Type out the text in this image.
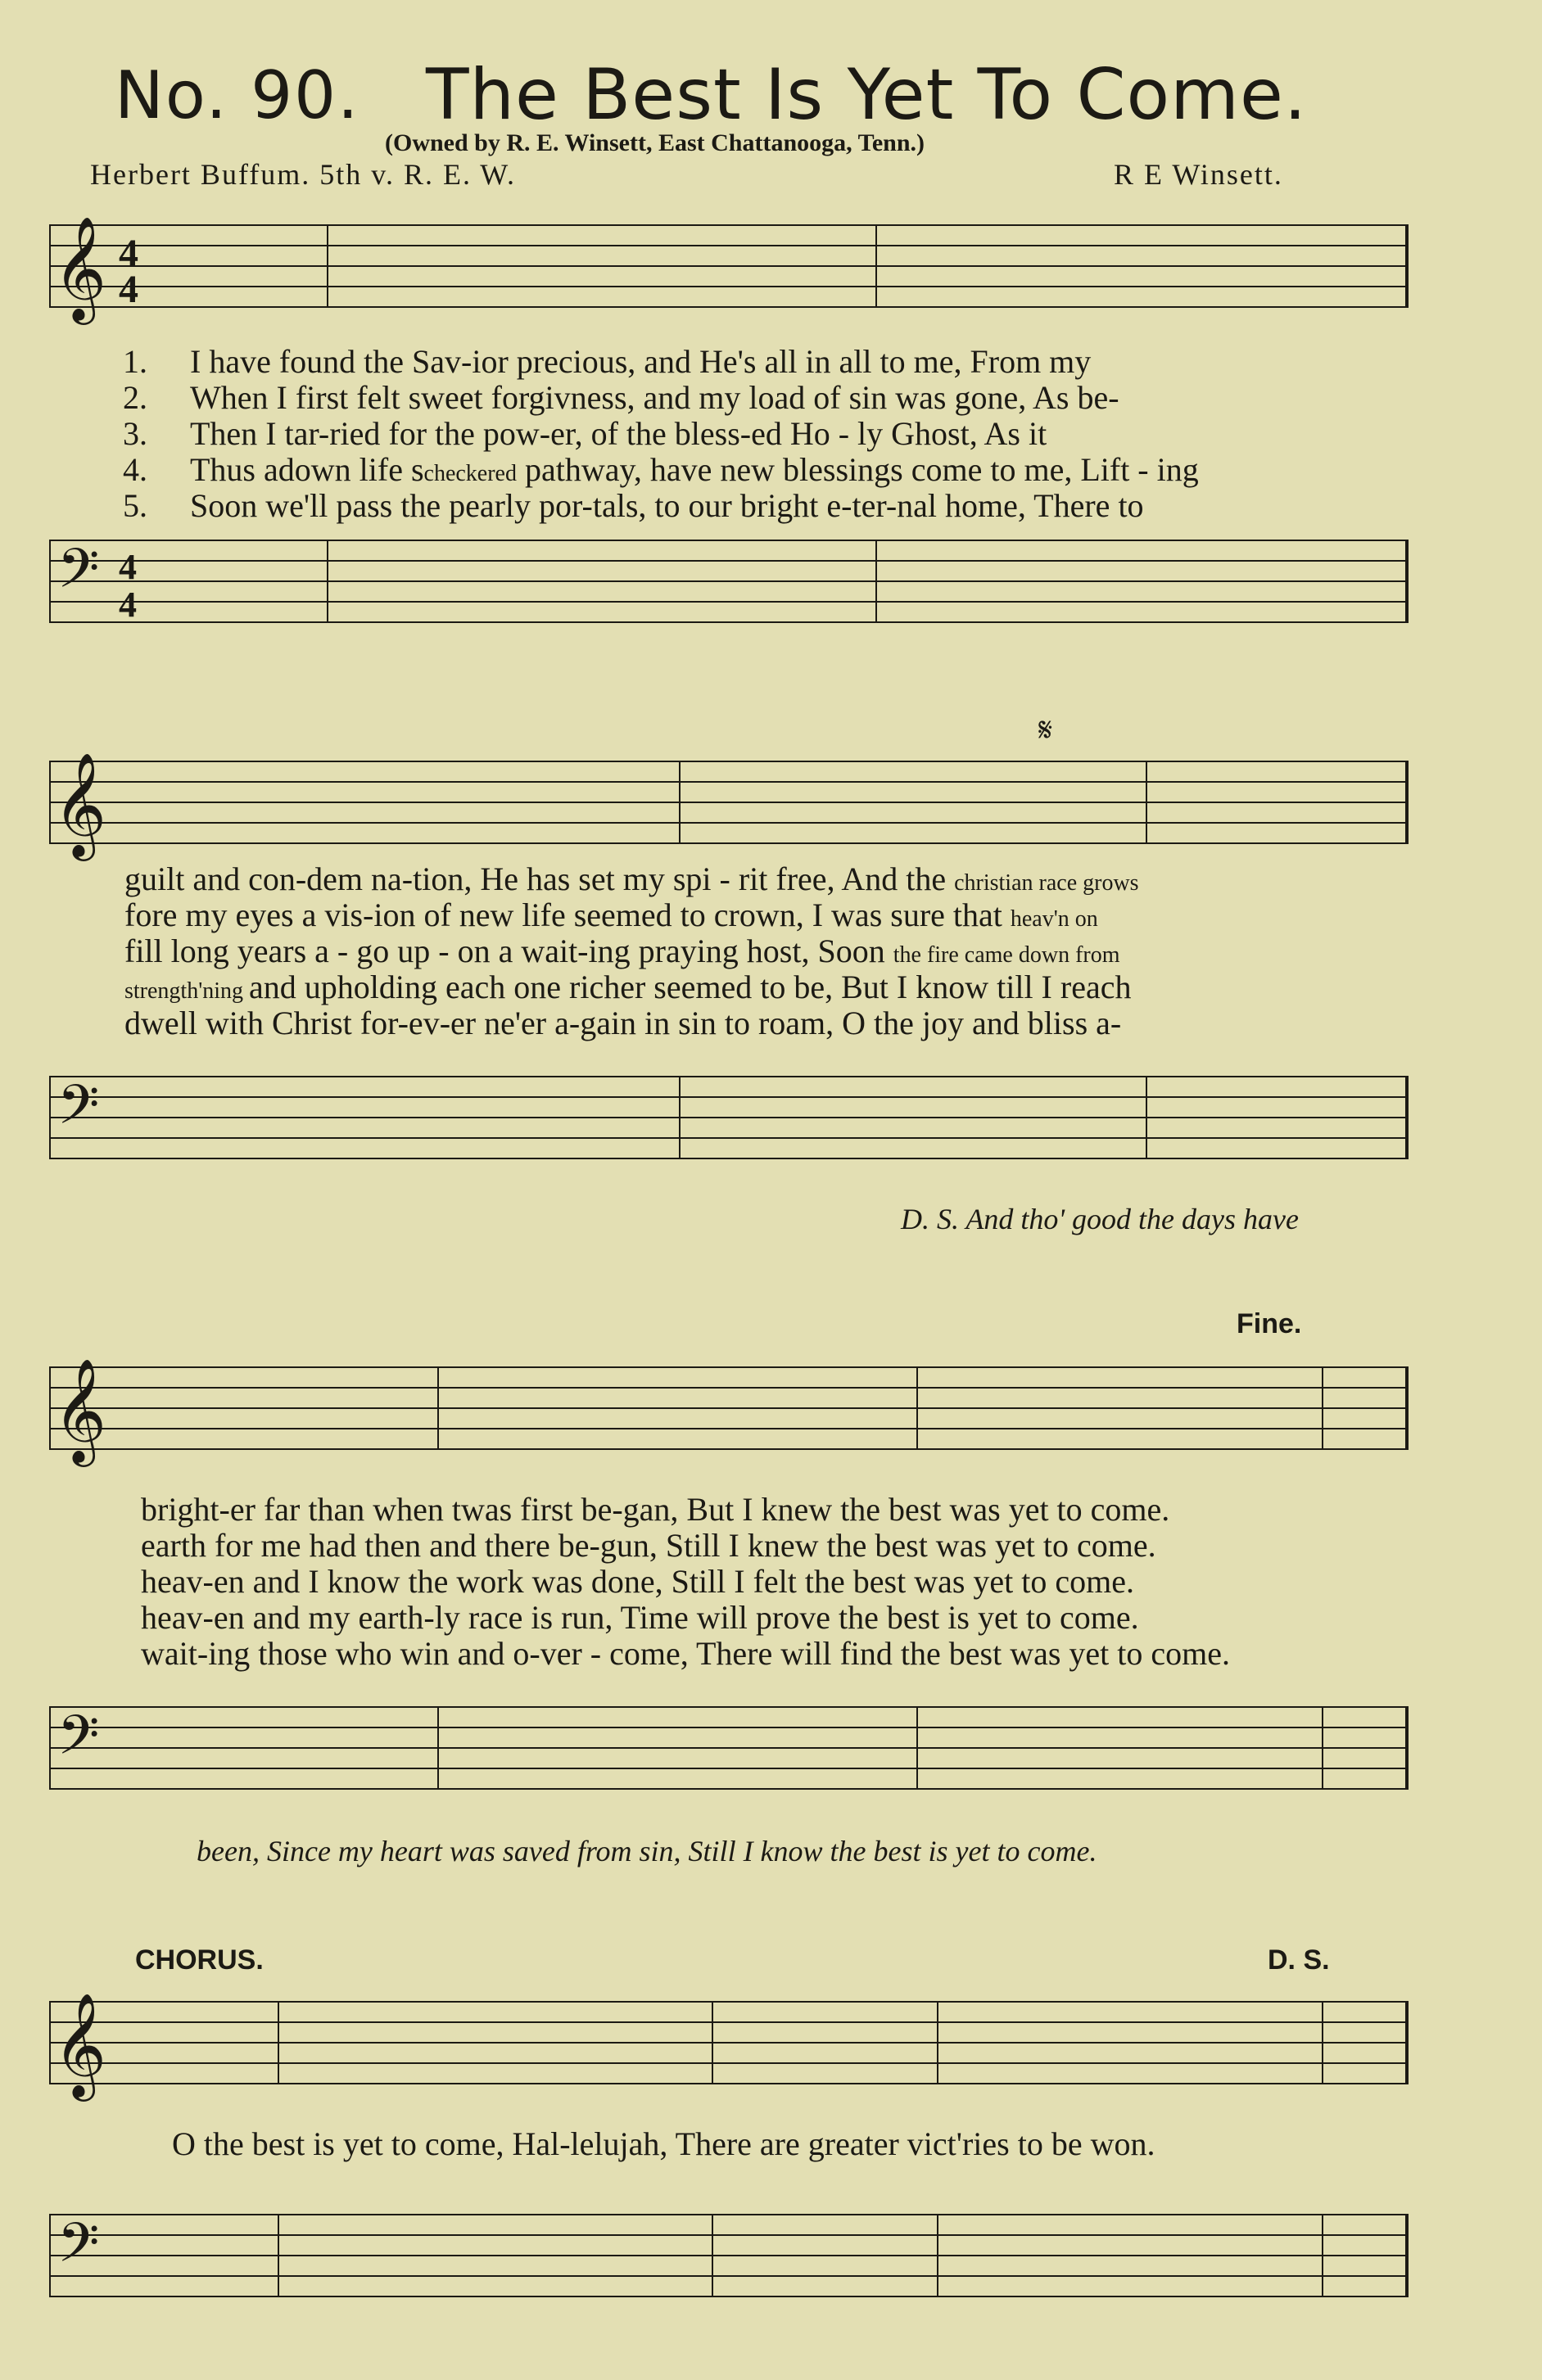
No. 90. The Best Is Yet To Come.
(Owned by R. E. Winsett, East Chattanooga, Tenn.)
Herbert Buffum. 5th v. R. E. W.	R E Winsett.
𝄞 4
4
1.
2.
3.
4.
5.
I have found the Sav-ior precious, and He's all in all to me, From my
When I first felt sweet forgivness, and my load of sin was gone, As be-
Then I tar-ried for the pow-er, of the bless-ed Ho - ly Ghost, As it
Thus adown life scheckered pathway, have new blessings come to me, Lift - ing
Soon we'll pass the pearly por-tals, to our bright e-ter-nal home, There to
𝄢 4
4
𝄞
𝄋
guilt and con-dem na-tion, He has set my spi - rit free, And the christian race grows
fore my eyes a vis-ion of new life seemed to crown, I was sure that heav'n on
fill long years a - go up - on a wait-ing praying host, Soon the fire came down from
strength'ning and upholding each one richer seemed to be, But I know till I reach
dwell with Christ for-ev-er ne'er a-gain in sin to roam, O the joy and bliss a-
𝄢
D. S. And tho' good the days have
Fine.
𝄞
bright-er far than when twas first be-gan, But I knew the best was yet to come.
earth for me had then and there be-gun, Still I knew the best was yet to come.
heav-en and I know the work was done, Still I felt the best was yet to come.
heav-en and my earth-ly race is run, Time will prove the best is yet to come.
wait-ing those who win and o-ver - come, There will find the best was yet to come.
𝄢
been, Since my heart was saved from sin, Still I know the best is yet to come.
CHORUS.	D. S.
𝄞
O the best is yet to come, Hal-lelujah, There are greater vict'ries to be won.
𝄢
